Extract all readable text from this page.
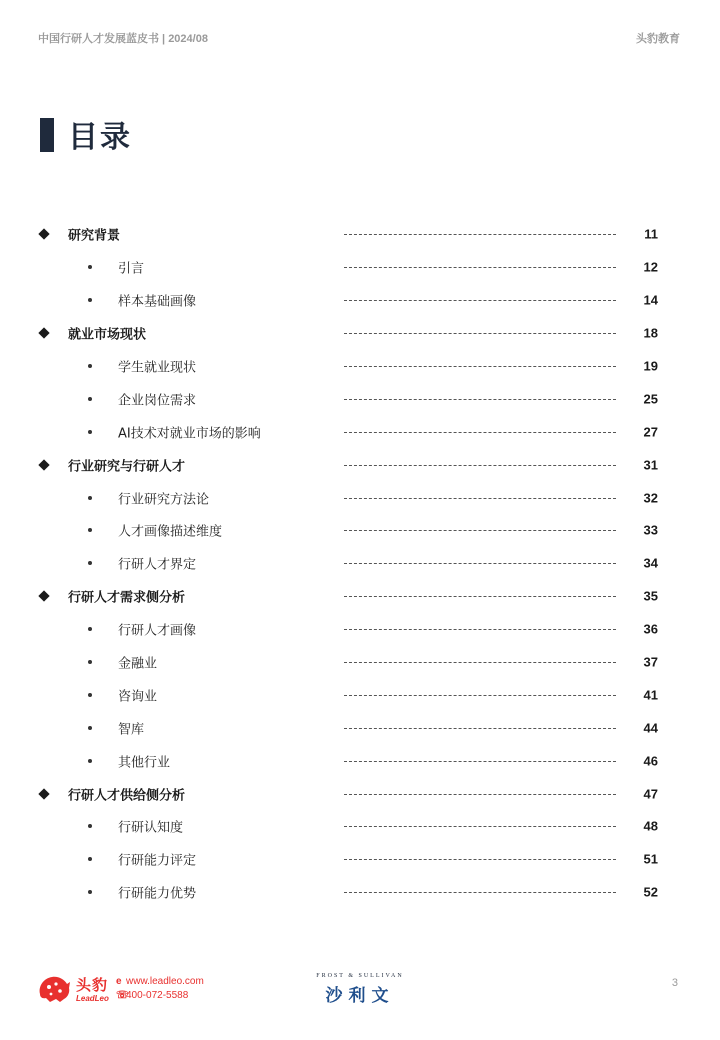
中国行研人才发展蓝皮书 | 2024/08	头豹教育
目录
研究背景	11
引言	12
样本基础画像	14
就业市场现状	18
学生就业现状	19
企业岗位需求	25
AI技术对就业市场的影响	27
行业研究与行研人才	31
行业研究方法论	32
人才画像描述维度	33
行研人才界定	34
行研人才需求侧分析	35
行研人才画像	36
金融业	37
咨询业	41
智库	44
其他行业	46
行研人才供给侧分析	47
行研认知度	48
行研能力评定	51
行研能力优势	52
头豹
LeadLeo
e www.leadleo.com
☏400-072-5588
FROST & SULLIVAN
沙利文
3
